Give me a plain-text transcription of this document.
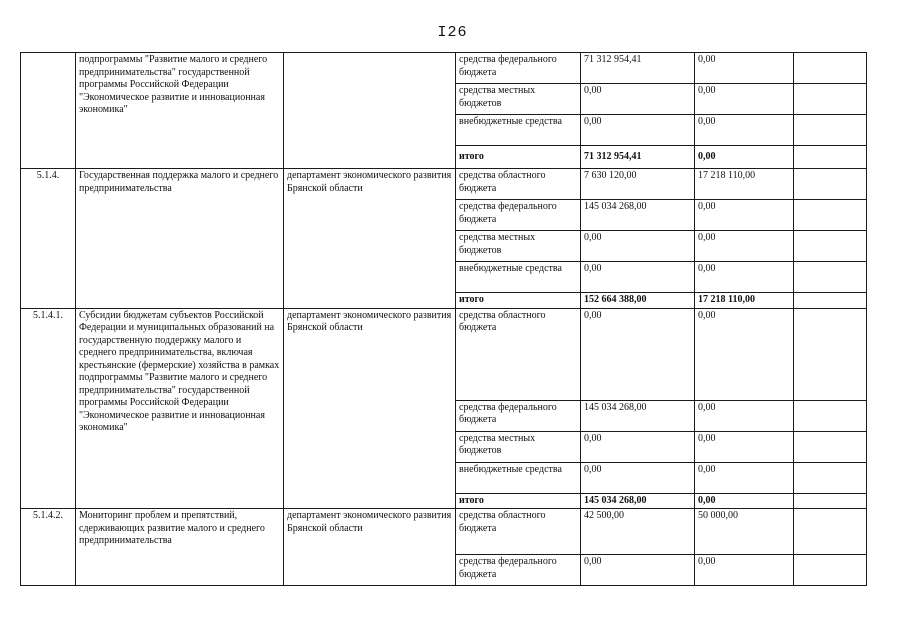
I26
	подпрограммы "Развитие малого и среднего предпринимательства" государственной программы Российской Федерации "Экономическое развитие и инновационная экономика"		средства федерального бюджета	71 312 954,41	0,00	
			средства местных бюджетов	0,00	0,00	
			внебюджетные средства	0,00	0,00	
			итого	71 312 954,41	0,00	
5.1.4.	Государственная поддержка малого и среднего предпринимательства	департамент экономического развития Брянской области	средства областного бюджета	7 630 120,00	17 218 110,00	
			средства федерального бюджета	145 034 268,00	0,00	
			средства местных бюджетов	0,00	0,00	
			внебюджетные средства	0,00	0,00	
			итого	152 664 388,00	17 218 110,00	
5.1.4.1.	Субсидии бюджетам субъектов Российской Федерации и муниципальных образований на государственную поддержку малого и среднего предпринимательства, включая крестьянские (фермерские) хозяйства в рамках подпрограммы "Развитие малого и среднего предпринимательства" государственной программы Российской Федерации "Экономическое развитие и инновационная экономика"	департамент экономического развития Брянской области	средства областного бюджета	0,00	0,00	
			средства федерального бюджета	145 034 268,00	0,00	
			средства местных бюджетов	0,00	0,00	
			внебюджетные средства	0,00	0,00	
			итого	145 034 268,00	0,00	
5.1.4.2.	Мониторинг проблем и препятствий, сдерживающих развитие малого и среднего предпринимательства	департамент экономического развития Брянской области	средства областного бюджета	42 500,00	50 000,00	
			средства федерального бюджета	0,00	0,00	
